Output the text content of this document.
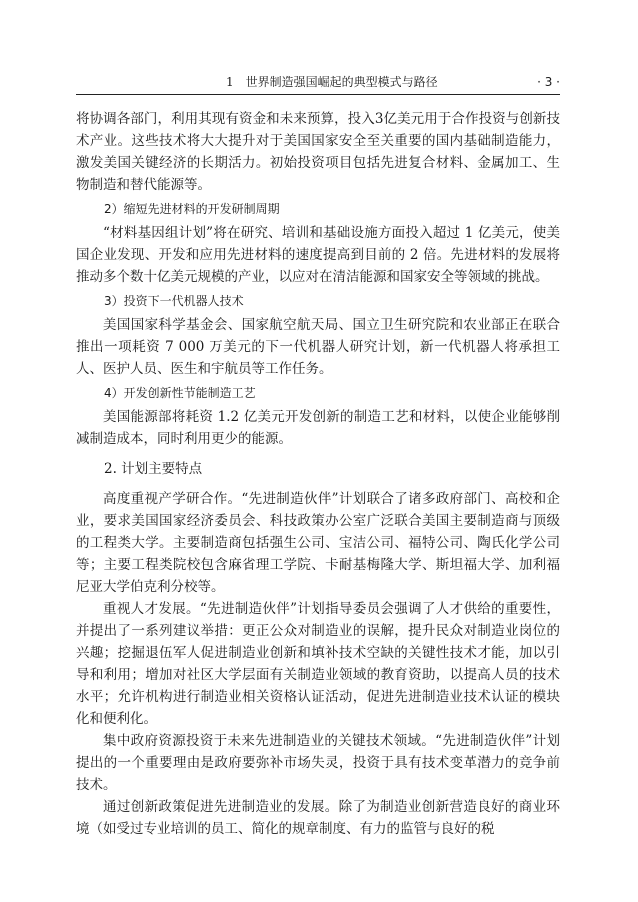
1　世界制造强国崛起的典型模式与路径	· 3 ·

将协调各部门，利用其现有资金和未来预算，投入3亿美元用于合作投资与创新技术产业。这些技术将大大提升对于美国国家安全至关重要的国内基础制造能力，激发美国关键经济的长期活力。初始投资项目包括先进复合材料、金属加工、生物制造和替代能源等。

2）缩短先进材料的开发研制周期

“材料基因组计划”将在研究、培训和基础设施方面投入超过 1 亿美元，使美国企业发现、开发和应用先进材料的速度提高到目前的 2 倍。先进材料的发展将推动多个数十亿美元规模的产业，以应对在清洁能源和国家安全等领域的挑战。

3）投资下一代机器人技术

美国国家科学基金会、国家航空航天局、国立卫生研究院和农业部正在联合推出一项耗资 7 000 万美元的下一代机器人研究计划，新一代机器人将承担工人、医护人员、医生和宇航员等工作任务。

4）开发创新性节能制造工艺

美国能源部将耗资 1.2 亿美元开发创新的制造工艺和材料，以使企业能够削减制造成本，同时利用更少的能源。

2. 计划主要特点

高度重视产学研合作。“先进制造伙伴”计划联合了诸多政府部门、高校和企业，要求美国国家经济委员会、科技政策办公室广泛联合美国主要制造商与顶级的工程类大学。主要制造商包括强生公司、宝洁公司、福特公司、陶氏化学公司等；主要工程类院校包含麻省理工学院、卡耐基梅隆大学、斯坦福大学、加利福尼亚大学伯克利分校等。

重视人才发展。“先进制造伙伴”计划指导委员会强调了人才供给的重要性，并提出了一系列建议举措：更正公众对制造业的误解，提升民众对制造业岗位的兴趣；挖掘退伍军人促进制造业创新和填补技术空缺的关键性技术才能，加以引导和利用；增加对社区大学层面有关制造业领域的教育资助，以提高人员的技术水平；允许机构进行制造业相关资格认证活动，促进先进制造业技术认证的模块化和便利化。

集中政府资源投资于未来先进制造业的关键技术领域。“先进制造伙伴”计划提出的一个重要理由是政府要弥补市场失灵，投资于具有技术变革潜力的竞争前技术。

通过创新政策促进先进制造业的发展。除了为制造业创新营造良好的商业环境（如受过专业培训的员工、简化的规章制度、有力的监管与良好的税
